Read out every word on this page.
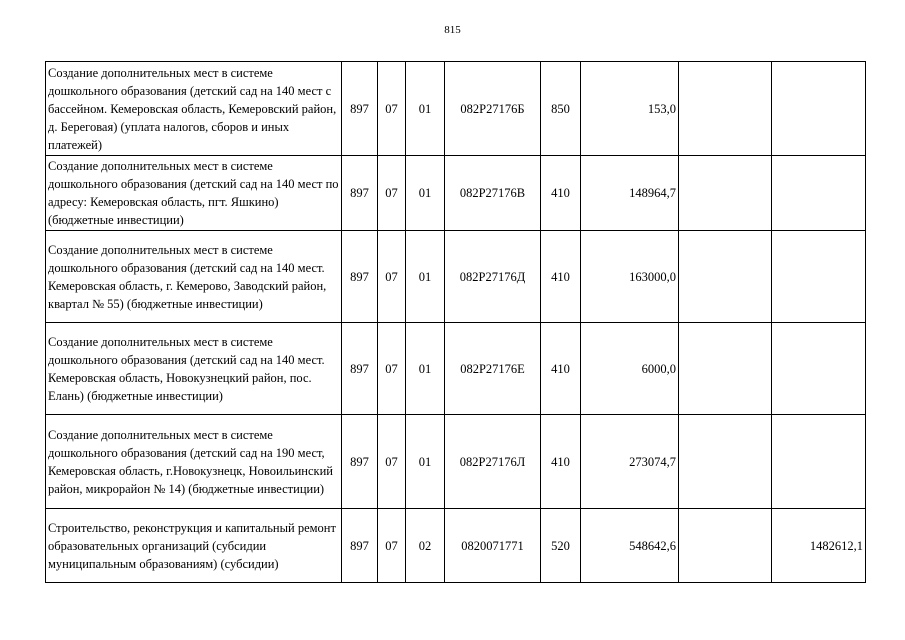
815
Создание дополнительных мест в системе дошкольного образования (детский сад на 140 мест с бассейном. Кемеровская область, Кемеровский район, д. Береговая) (уплата налогов, сборов и иных платежей)	897	07	01	082Р27176Б	850	153,0		
Создание дополнительных мест в системе дошкольного образования (детский сад на 140 мест по адресу: Кемеровская область, пгт. Яшкино) (бюджетные инвестиции)	897	07	01	082Р27176В	410	148964,7		
Создание дополнительных мест в системе дошкольного образования (детский сад на 140 мест. Кемеровская область, г. Кемерово, Заводский район, квартал № 55) (бюджетные инвестиции)	897	07	01	082Р27176Д	410	163000,0		
Создание дополнительных мест в системе дошкольного образования (детский сад на 140 мест. Кемеровская область, Новокузнецкий район, пос. Елань) (бюджетные инвестиции)	897	07	01	082Р27176Е	410	6000,0		
Создание дополнительных мест в системе дошкольного образования (детский сад на 190 мест, Кемеровская область, г.Новокузнецк, Новоильинский район, микрорайон № 14) (бюджетные инвестиции)	897	07	01	082Р27176Л	410	273074,7		
Строительство, реконструкция и капитальный ремонт образовательных организаций (субсидии муниципальным образованиям) (субсидии)	897	07	02	0820071771	520	548642,6		1482612,1
